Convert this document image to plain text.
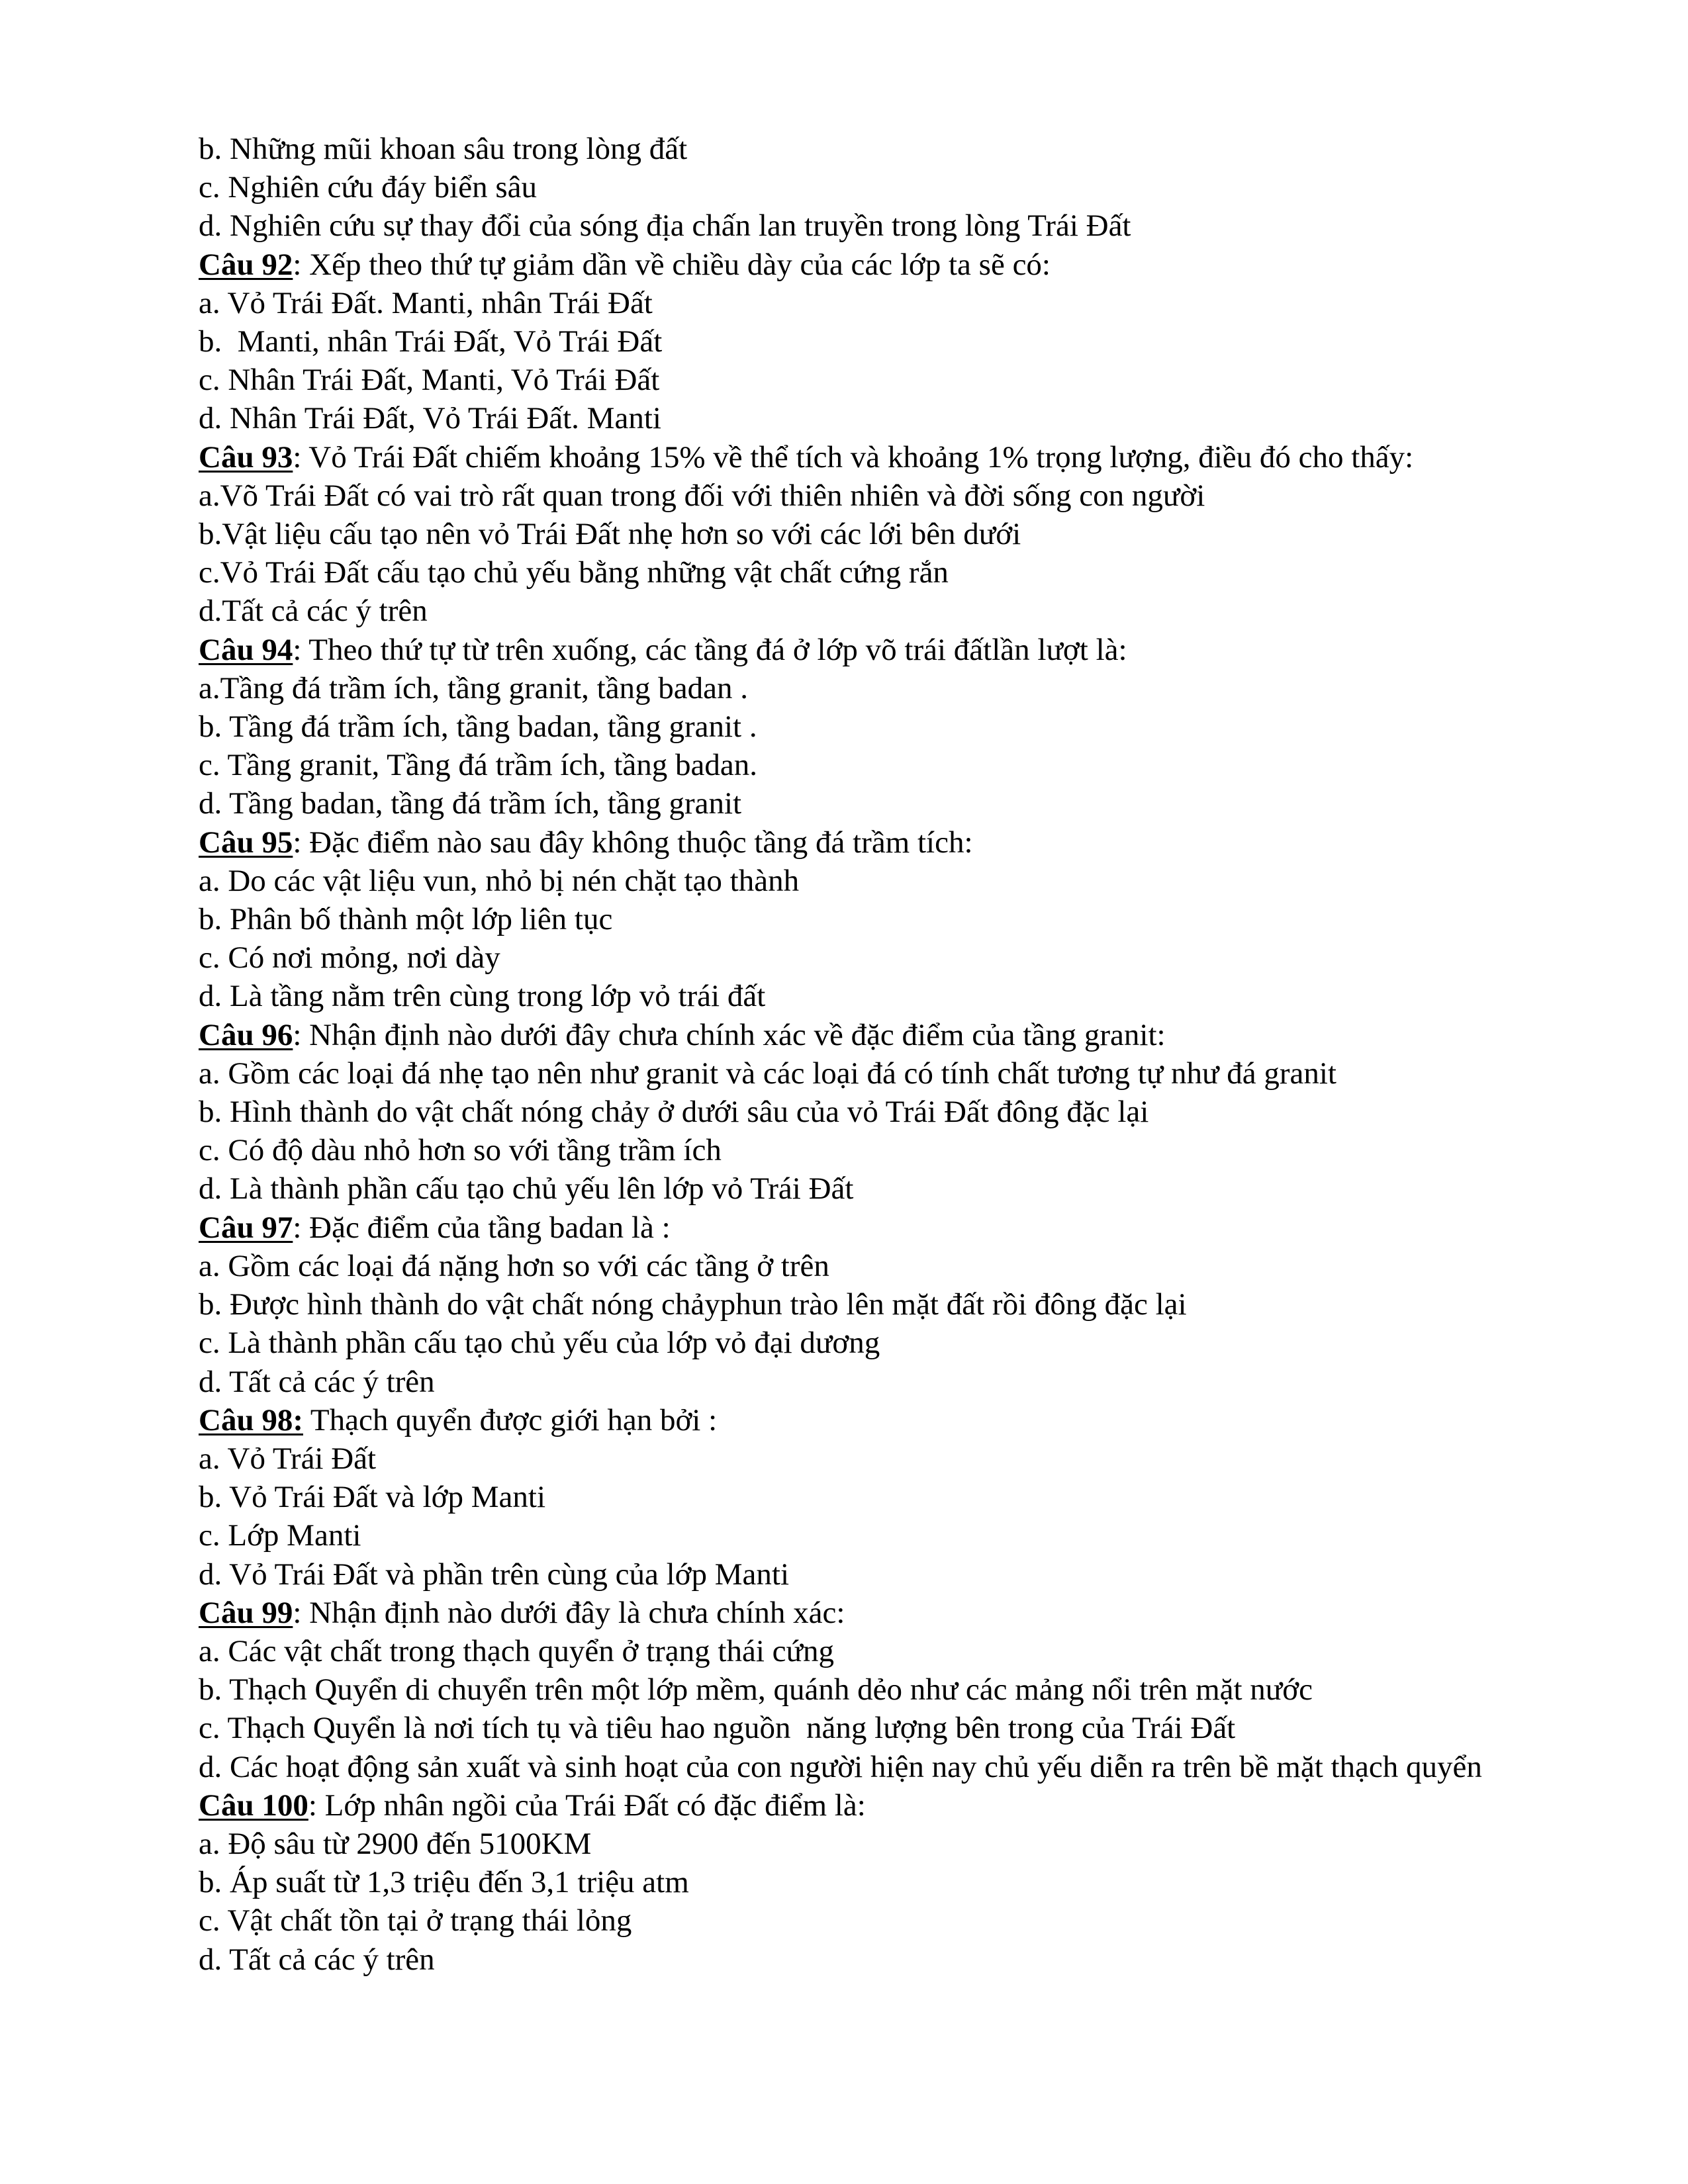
b. Những mũi khoan sâu trong lòng đất
c. Nghiên cứu đáy biển sâu
d. Nghiên cứu sự thay đổi của sóng địa chấn lan truyền trong lòng Trái Đất
Câu 92: Xếp theo thứ tự giảm dần về chiều dày của các lớp ta sẽ có:
a. Vỏ Trái Đất. Manti, nhân Trái Đất
b.  Manti, nhân Trái Đất, Vỏ Trái Đất
c. Nhân Trái Đất, Manti, Vỏ Trái Đất
d. Nhân Trái Đất, Vỏ Trái Đất. Manti
Câu 93: Vỏ Trái Đất chiếm khoảng 15% về thể tích và khoảng 1% trọng lượng, điều đó cho thấy:
a.Võ Trái Đất có vai trò rất quan trong đối với thiên nhiên và đời sống con người
b.Vật liệu cấu tạo nên vỏ Trái Đất nhẹ hơn so với các lới bên dưới
c.Vỏ Trái Đất cấu tạo chủ yếu bằng những vật chất cứng rắn
d.Tất cả các ý trên
Câu 94: Theo thứ tự từ trên xuống, các tầng đá ở lớp võ trái đấtlần lượt là:
a.Tầng đá trầm ích, tầng granit, tầng badan .
b. Tầng đá trầm ích, tầng badan, tầng granit .
c. Tầng granit, Tầng đá trầm ích, tầng badan.
d. Tầng badan, tầng đá trầm ích, tầng granit
Câu 95: Đặc điểm nào sau đây không thuộc tầng đá trầm tích:
a. Do các vật liệu vun, nhỏ bị nén chặt tạo thành
b. Phân bố thành một lớp liên tục
c. Có nơi mỏng, nơi dày
d. Là tầng nằm trên cùng trong lớp vỏ trái đất
Câu 96: Nhận định nào dưới đây chưa chính xác về đặc điểm của tầng granit:
a. Gồm các loại đá nhẹ tạo nên như granit và các loại đá có tính chất tương tự như đá granit
b. Hình thành do vật chất nóng chảy ở dưới sâu của vỏ Trái Đất đông đặc lại
c. Có độ dàu nhỏ hơn so với tầng trầm ích
d. Là thành phần cấu tạo chủ yếu lên lớp vỏ Trái Đất
Câu 97: Đặc điểm của tầng badan là :
a. Gồm các loại đá nặng hơn so với các tầng ở trên
b. Được hình thành do vật chất nóng chảyphun trào lên mặt đất rồi đông đặc lại
c. Là thành phần cấu tạo chủ yếu của lớp vỏ đại dương
d. Tất cả các ý trên
Câu 98: Thạch quyển được giới hạn bởi :
a. Vỏ Trái Đất
b. Vỏ Trái Đất và lớp Manti
c. Lớp Manti
d. Vỏ Trái Đất và phần trên cùng của lớp Manti
Câu 99: Nhận định nào dưới đây là chưa chính xác:
a. Các vật chất trong thạch quyển ở trạng thái cứng
b. Thạch Quyển di chuyển trên một lớp mềm, quánh dẻo như các mảng nổi trên mặt nước
c. Thạch Quyển là nơi tích tụ và tiêu hao nguồn  năng lượng bên trong của Trái Đất
d. Các hoạt động sản xuất và sinh hoạt của con người hiện nay chủ yếu diễn ra trên bề mặt thạch quyển
Câu 100: Lớp nhân ngồi của Trái Đất có đặc điểm là:
a. Độ sâu từ 2900 đến 5100KM
b. Áp suất từ 1,3 triệu đến 3,1 triệu atm
c. Vật chất tồn tại ở trạng thái lỏng
d. Tất cả các ý trên
